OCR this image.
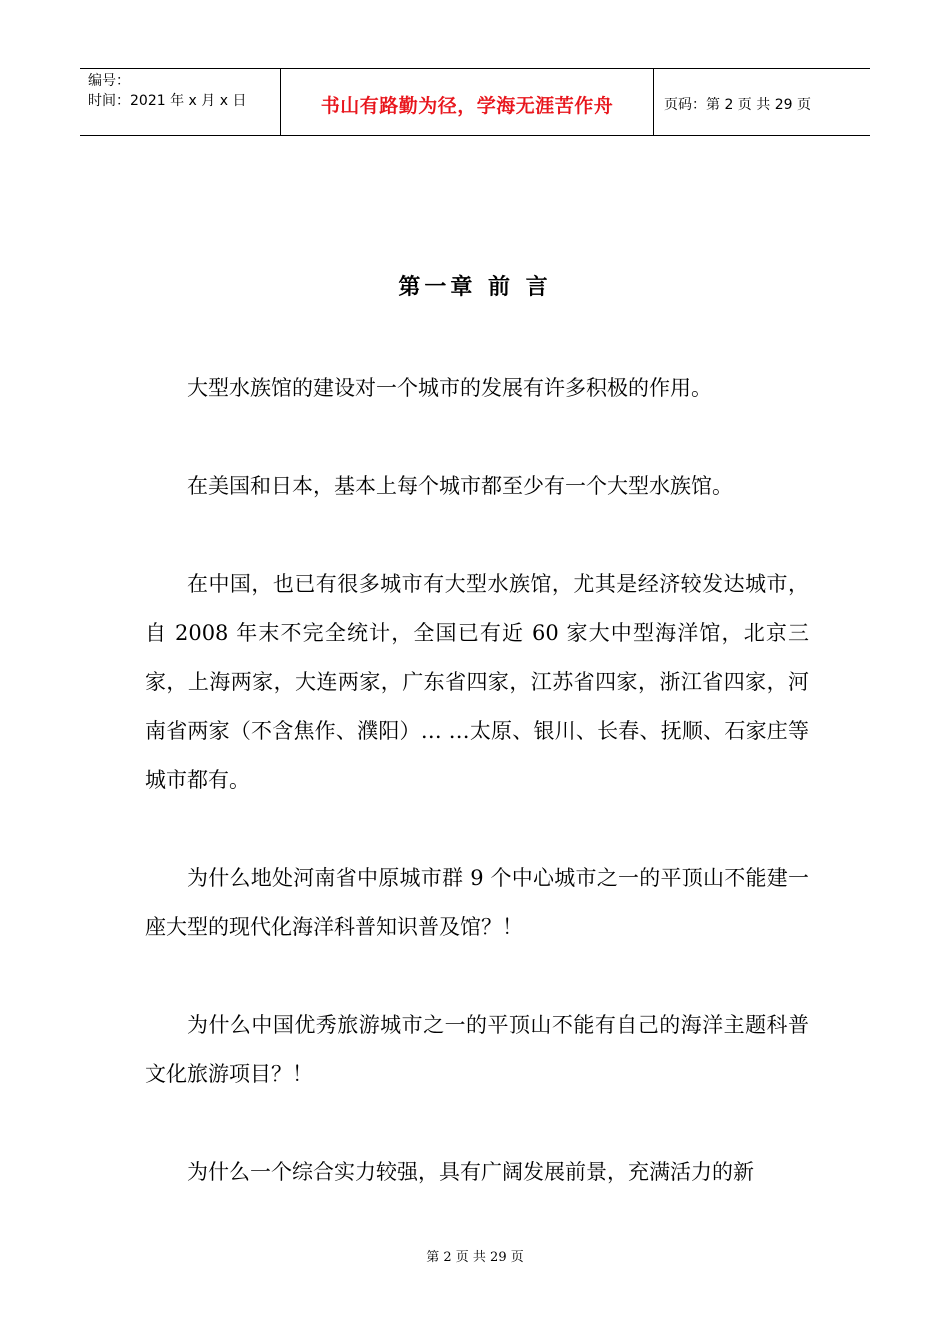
编号：
时间：2021 年 x 月 x 日	书山有路勤为径，学海无涯苦作舟	页码：第 2 页 共 29 页
第一章 前 言

大型水族馆的建设对一个城市的发展有许多积极的作用。

在美国和日本，基本上每个城市都至少有一个大型水族馆。

在中国，也已有很多城市有大型水族馆，尤其是经济较发达城市，自 2008 年末不完全统计，全国已有近 60 家大中型海洋馆，北京三家，上海两家，大连两家，广东省四家，江苏省四家，浙江省四家，河南省两家（不含焦作、濮阳）… …太原、银川、长春、抚顺、石家庄等城市都有。

为什么地处河南省中原城市群 9 个中心城市之一的平顶山不能建一座大型的现代化海洋科普知识普及馆？！

为什么中国优秀旅游城市之一的平顶山不能有自己的海洋主题科普文化旅游项目？！

为什么一个综合实力较强，具有广阔发展前景，充满活力的新

第 2 页 共 29 页
